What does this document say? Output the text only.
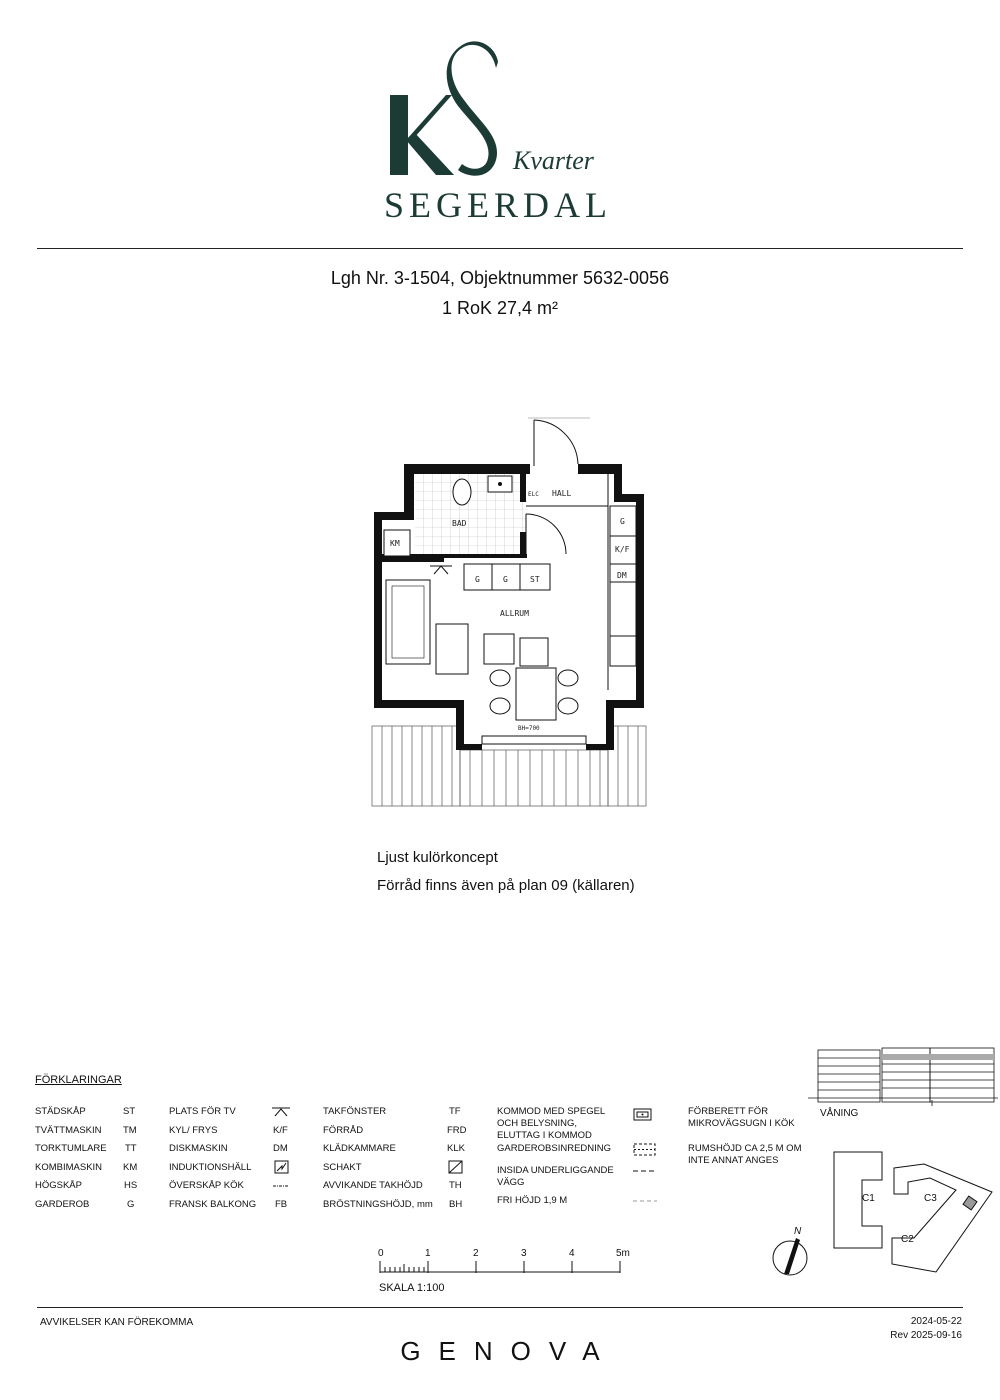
Kvarter
SEGERDAL
Lgh Nr. 3-1504, Objektnummer 5632-0056
1 RoK 27,4 m²
BAD
HALL
ELC
KM
ALLRUM
G	G	ST
G
K/F
DM
BH=700
Ljust kulörkoncept
Förråd finns även på plan 09 (källaren)
FÖRKLARINGAR
STÄDSKÅP	ST
TVÄTTMASKIN TM
TORKTUMLARE TT
KOMBIMASKIN KM
HÖGSKÅP	HS
GARDEROB	G
PLATS FÖR TV
KYL/ FRYS	K/F
DISKMASKIN	DM
INDUKTIONSHÄLL
ÖVERSKÅP KÖK
FRANSK BALKONG FB
TAKFÖNSTER	TF
FÖRRÅD	FRD
KLÄDKAMMARE	KLK
SCHAKT
AVVIKANDE TAKHÖJD	TH
BRÖSTNINGSHÖJD, mm BH
KOMMOD MED SPEGEL OCH BELYSNING, ELUTTAG I KOMMOD
GARDEROBSINREDNING
INSIDA UNDERLIGGANDE VÄGG
FRI HÖJD 1,9 M
FÖRBERETT FÖR MIKROVÄGSUGN I KÖK
RUMSHÖJD CA 2,5 M OM INTE ANNAT ANGES
0	1	2	3	4	5m
SKALA 1:100
VÅNING
C1	C3
C2
N
AVVIKELSER KAN FÖREKOMMA	2024-05-22
Rev 2025-09-16
GENOVA
